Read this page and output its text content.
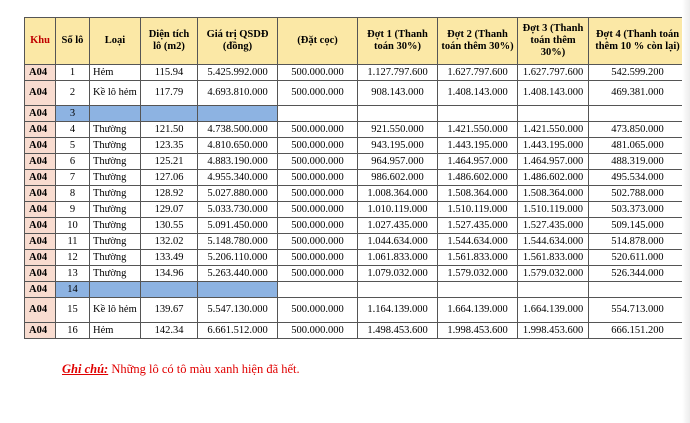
Khu	Số lô	Loại	Diện tích lô (m2)	Giá trị QSDĐ (đồng)	(Đặt cọc)	Đợt 1 (Thanh toán 30%)	Đợt 2 (Thanh toán thêm 30%)	Đợt 3 (Thanh toán thêm 30%)	Đợt 4 (Thanh toán thêm 10 % còn lại)
A04	1	Hẻm	115.94	5.425.992.000	500.000.000	1.127.797.600	1.627.797.600	1.627.797.600	542.599.200
A04	2	Kề lô hẻm	117.79	4.693.810.000	500.000.000	908.143.000	1.408.143.000	1.408.143.000	469.381.000
A04	3								
A04	4	Thường	121.50	4.738.500.000	500.000.000	921.550.000	1.421.550.000	1.421.550.000	473.850.000
A04	5	Thường	123.35	4.810.650.000	500.000.000	943.195.000	1.443.195.000	1.443.195.000	481.065.000
A04	6	Thường	125.21	4.883.190.000	500.000.000	964.957.000	1.464.957.000	1.464.957.000	488.319.000
A04	7	Thường	127.06	4.955.340.000	500.000.000	986.602.000	1.486.602.000	1.486.602.000	495.534.000
A04	8	Thường	128.92	5.027.880.000	500.000.000	1.008.364.000	1.508.364.000	1.508.364.000	502.788.000
A04	9	Thường	129.07	5.033.730.000	500.000.000	1.010.119.000	1.510.119.000	1.510.119.000	503.373.000
A04	10	Thường	130.55	5.091.450.000	500.000.000	1.027.435.000	1.527.435.000	1.527.435.000	509.145.000
A04	11	Thường	132.02	5.148.780.000	500.000.000	1.044.634.000	1.544.634.000	1.544.634.000	514.878.000
A04	12	Thường	133.49	5.206.110.000	500.000.000	1.061.833.000	1.561.833.000	1.561.833.000	520.611.000
A04	13	Thường	134.96	5.263.440.000	500.000.000	1.079.032.000	1.579.032.000	1.579.032.000	526.344.000
A04	14								
A04	15	Kề lô hẻm	139.67	5.547.130.000	500.000.000	1.164.139.000	1.664.139.000	1.664.139.000	554.713.000
A04	16	Hẻm	142.34	6.661.512.000	500.000.000	1.498.453.600	1.998.453.600	1.998.453.600	666.151.200
Ghi chú: Những lô có tô màu xanh hiện đã hết.
